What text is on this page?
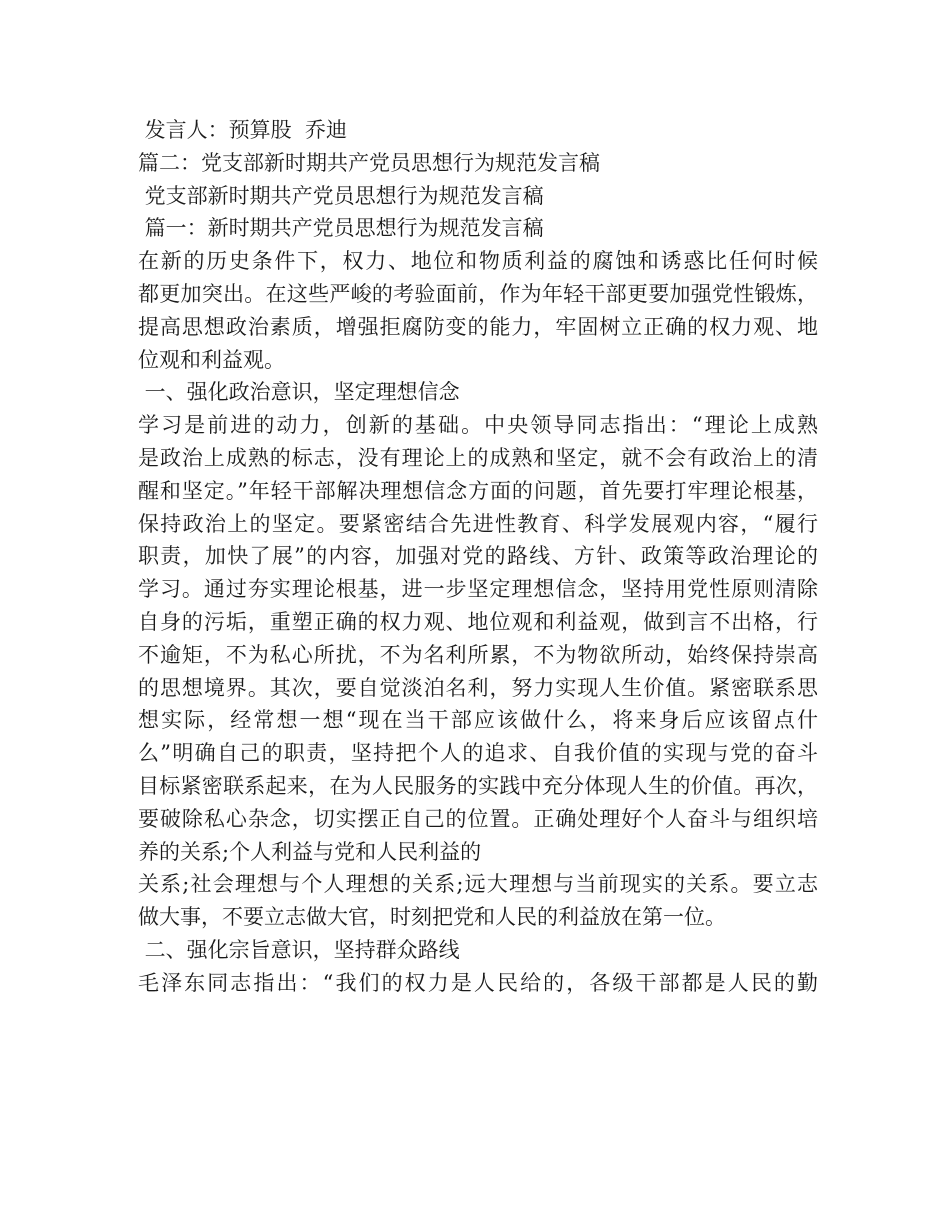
发言人：预算股  乔迪
篇二：党支部新时期共产党员思想行为规范发言稿
党支部新时期共产党员思想行为规范发言稿
篇一：新时期共产党员思想行为规范发言稿
在新的历史条件下，权力、地位和物质利益的腐蚀和诱惑比任何时候
都更加突出。在这些严峻的考验面前，作为年轻干部更要加强党性锻炼，
提高思想政治素质，增强拒腐防变的能力，牢固树立正确的权力观、地
位观和利益观。
一、强化政治意识，坚定理想信念
学习是前进的动力，创新的基础。中央领导同志指出：“理论上成熟
是政治上成熟的标志，没有理论上的成熟和坚定，就不会有政治上的清
醒和坚定。”年轻干部解决理想信念方面的问题，首先要打牢理论根基，
保持政治上的坚定。要紧密结合先进性教育、科学发展观内容，“履行
职责，加快了展”的内容，加强对党的路线、方针、政策等政治理论的
学习。通过夯实理论根基，进一步坚定理想信念，坚持用党性原则清除
自身的污垢，重塑正确的权力观、地位观和利益观，做到言不出格，行
不逾矩，不为私心所扰，不为名利所累，不为物欲所动，始终保持崇高
的思想境界。其次，要自觉淡泊名利，努力实现人生价值。紧密联系思
想实际，经常想一想“现在当干部应该做什么，将来身后应该留点什
么”明确自己的职责，坚持把个人的追求、自我价值的实现与党的奋斗
目标紧密联系起来，在为人民服务的实践中充分体现人生的价值。再次，
要破除私心杂念，切实摆正自己的位置。正确处理好个人奋斗与组织培
养的关系;个人利益与党和人民利益的
关系;社会理想与个人理想的关系;远大理想与当前现实的关系。要立志
做大事，不要立志做大官，时刻把党和人民的利益放在第一位。
二、强化宗旨意识，坚持群众路线
毛泽东同志指出：“我们的权力是人民给的，各级干部都是人民的勤
